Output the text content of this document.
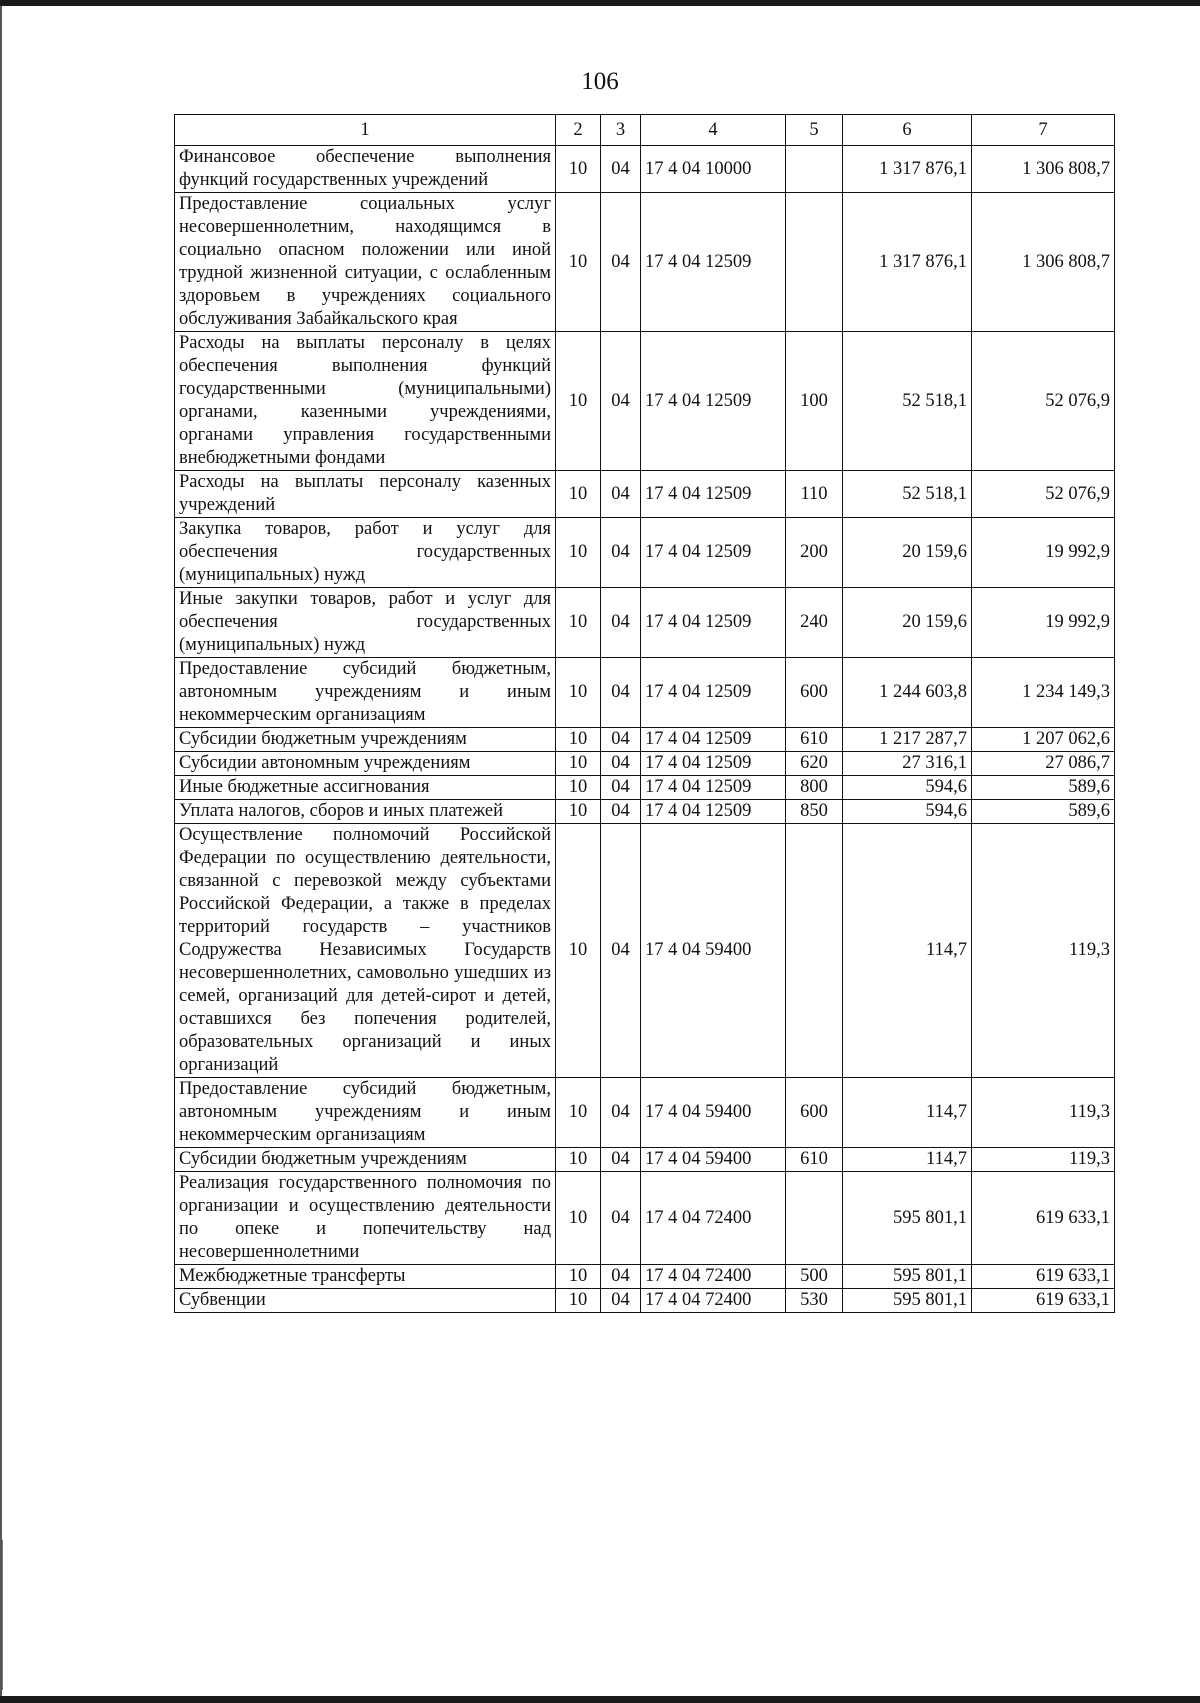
106
1	2	3	4	5	6	7
Финансовое обеспечение выполнения функций государственных учреждений	10	04	17 4 04 10000		1 317 876,1	1 306 808,7
Предоставление социальных услуг несовершеннолетним, находящимся в социально опасном положении или иной трудной жизненной ситуации, с ослабленным здоровьем в учреждениях социального обслуживания Забайкальского края	10	04	17 4 04 12509		1 317 876,1	1 306 808,7
Расходы на выплаты персоналу в целях обеспечения выполнения функций государственными (муниципальными) органами, казенными учреждениями, органами управления государственными внебюджетными фондами	10	04	17 4 04 12509	100	52 518,1	52 076,9
Расходы на выплаты персоналу казенных учреждений	10	04	17 4 04 12509	110	52 518,1	52 076,9
Закупка товаров, работ и услуг для обеспечения государственных (муниципальных) нужд	10	04	17 4 04 12509	200	20 159,6	19 992,9
Иные закупки товаров, работ и услуг для обеспечения государственных (муниципальных) нужд	10	04	17 4 04 12509	240	20 159,6	19 992,9
Предоставление субсидий бюджетным, автономным учреждениям и иным некоммерческим организациям	10	04	17 4 04 12509	600	1 244 603,8	1 234 149,3
Субсидии бюджетным учреждениям	10	04	17 4 04 12509	610	1 217 287,7	1 207 062,6
Субсидии автономным учреждениям	10	04	17 4 04 12509	620	27 316,1	27 086,7
Иные бюджетные ассигнования	10	04	17 4 04 12509	800	594,6	589,6
Уплата налогов, сборов и иных платежей	10	04	17 4 04 12509	850	594,6	589,6
Осуществление полномочий Российской Федерации по осуществлению деятельности, связанной с перевозкой между субъектами Российской Федерации, а также в пределах территорий государств – участников Содружества Независимых Государств несовершеннолетних, самовольно ушедших из семей, организаций для детей-сирот и детей, оставшихся без попечения родителей, образовательных организаций и иных организаций	10	04	17 4 04 59400		114,7	119,3
Предоставление субсидий бюджетным, автономным учреждениям и иным некоммерческим организациям	10	04	17 4 04 59400	600	114,7	119,3
Субсидии бюджетным учреждениям	10	04	17 4 04 59400	610	114,7	119,3
Реализация государственного полномочия по организации и осуществлению деятельности по опеке и попечительству над несовершеннолетними	10	04	17 4 04 72400		595 801,1	619 633,1
Межбюджетные трансферты	10	04	17 4 04 72400	500	595 801,1	619 633,1
Субвенции	10	04	17 4 04 72400	530	595 801,1	619 633,1
